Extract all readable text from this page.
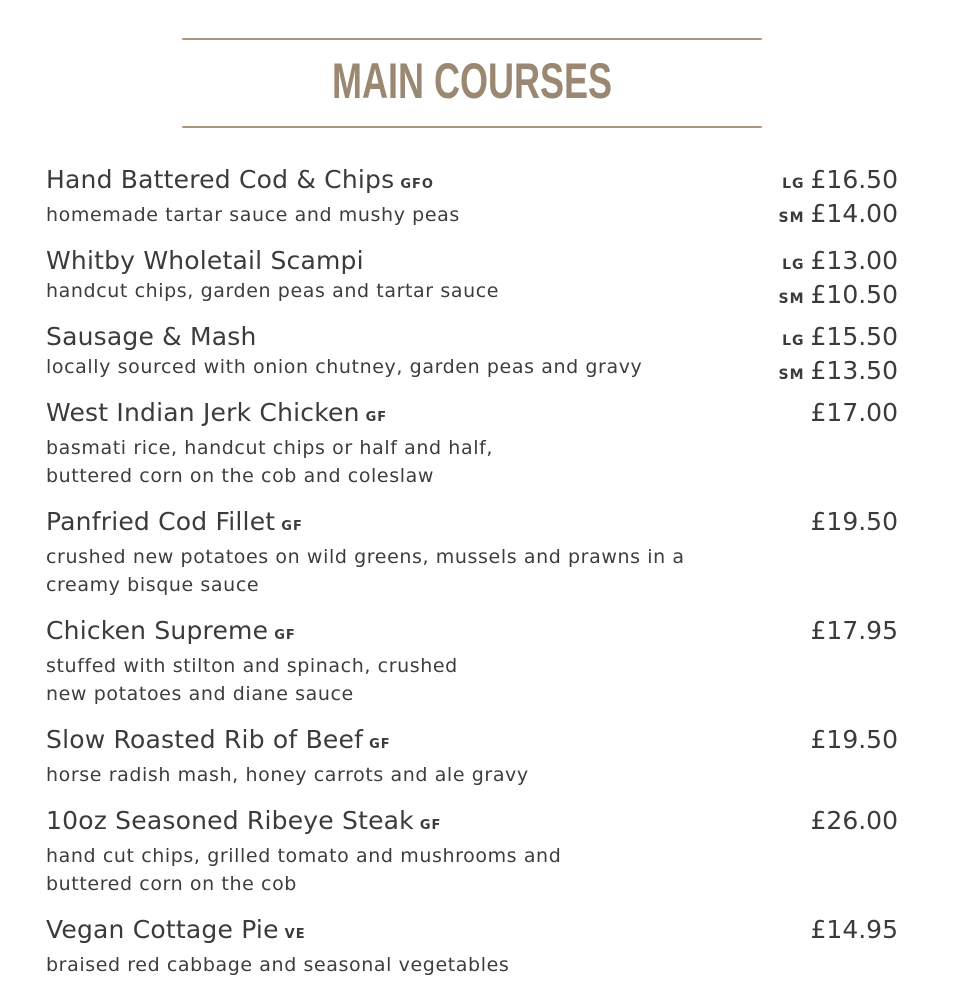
MAIN COURSES
Hand Battered Cod & Chips GFO
homemade tartar sauce and mushy peas
LG £16.50
SM £14.00
Whitby Wholetail Scampi
handcut chips, garden peas and tartar sauce
LG £13.00
SM £10.50
Sausage & Mash
locally sourced with onion chutney, garden peas and gravy
LG £15.50
SM £13.50
West Indian Jerk Chicken GF
basmati rice, handcut chips or half and half,
buttered corn on the cob and coleslaw
£17.00
Panfried Cod Fillet GF
crushed new potatoes on wild greens, mussels and prawns in a
creamy bisque sauce
£19.50
Chicken Supreme GF
stuffed with stilton and spinach, crushed
new potatoes and diane sauce
£17.95
Slow Roasted Rib of Beef GF
horse radish mash, honey carrots and ale gravy
£19.50
10oz Seasoned Ribeye Steak GF
hand cut chips, grilled tomato and mushrooms and
buttered corn on the cob
£26.00
Vegan Cottage Pie VE
braised red cabbage and seasonal vegetables
£14.95
